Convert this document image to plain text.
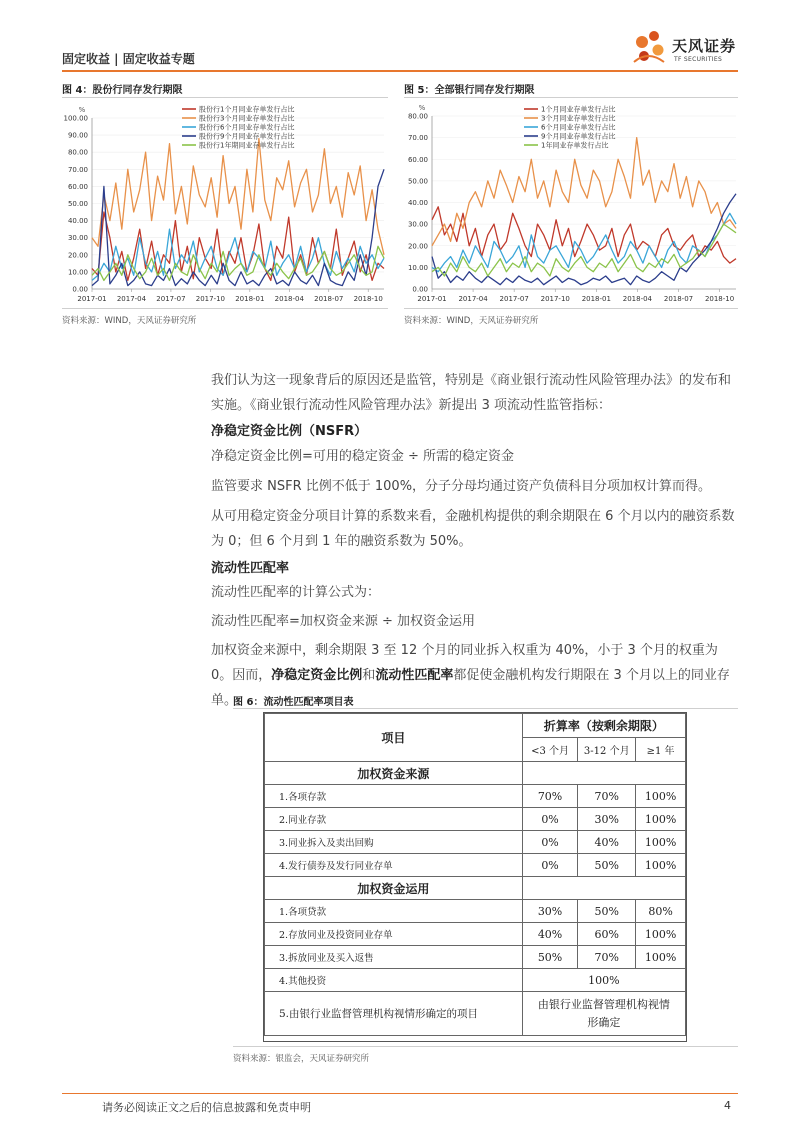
固定收益 | 固定收益专题
天风证券
TF SECURITIES
图 4：股份行同存发行期限
%
0.00
10.00
20.00
30.00
40.00
50.00
60.00
70.00
80.00
90.00
100.00
2017-01 2017-04 2017-07 2017-10 2018-01 2018-04 2018-07 2018-10
股份行1个月同业存单发行占比
股份行3个月同业存单发行占比
股份行6个月同业存单发行占比
股份行9个月同业存单发行占比
股份行1年期同业存单发行占比
资料来源：WIND，天风证券研究所
图 5：全部银行同存发行期限
%
0.00
10.00
20.00
30.00
40.00
50.00
60.00
70.00
80.00
2017-01 2017-04 2017-07 2017-10 2018-01 2018-04 2018-07 2018-10
1个月同业存单发行占比
3个月同业存单发行占比
6个月同业存单发行占比
9个月同业存单发行占比
1年同业存单发行占比
资料来源：WIND，天风证券研究所
我们认为这一现象背后的原因还是监管，特别是《商业银行流动性风险管理办法》的发布和实施。《商业银行流动性风险管理办法》新提出 3 项流动性监管指标：
净稳定资金比例（NSFR）
净稳定资金比例=可用的稳定资金 ÷ 所需的稳定资金
监管要求 NSFR 比例不低于 100%，分子分母均通过资产负债科目分项加权计算而得。
从可用稳定资金分项目计算的系数来看，金融机构提供的剩余期限在 6 个月以内的融资系数为 0；但 6 个月到 1 年的融资系数为 50%。
流动性匹配率
流动性匹配率的计算公式为：
流动性匹配率=加权资金来源 ÷ 加权资金运用
加权资金来源中，剩余期限 3 至 12 个月的同业拆入权重为 40%，小于 3 个月的权重为 0。因而，净稳定资金比例和流动性匹配率都促使金融机构发行期限在 3 个月以上的同业存单。
图 6：流动性匹配率项目表
项目	折算率（按剩余期限）		
	<3 个月	3-12 个月	≥1 年
加权资金来源			
1.各项存款	70%	70%	100%
2.同业存款	0%	30%	100%
3.同业拆入及卖出回购	0%	40%	100%
4.发行债券及发行同业存单	0%	50%	100%
加权资金运用			
1.各项贷款	30%	50%	80%
2.存放同业及投资同业存单	40%	60%	100%
3.拆放同业及买入返售	50%	70%	100%
4.其他投资	100%		
5.由银行业监督管理机构视情形确定的项目	由银行业监督管理机构视情形确定		
资料来源：银监会，天风证券研究所
请务必阅读正文之后的信息披露和免责申明	4
